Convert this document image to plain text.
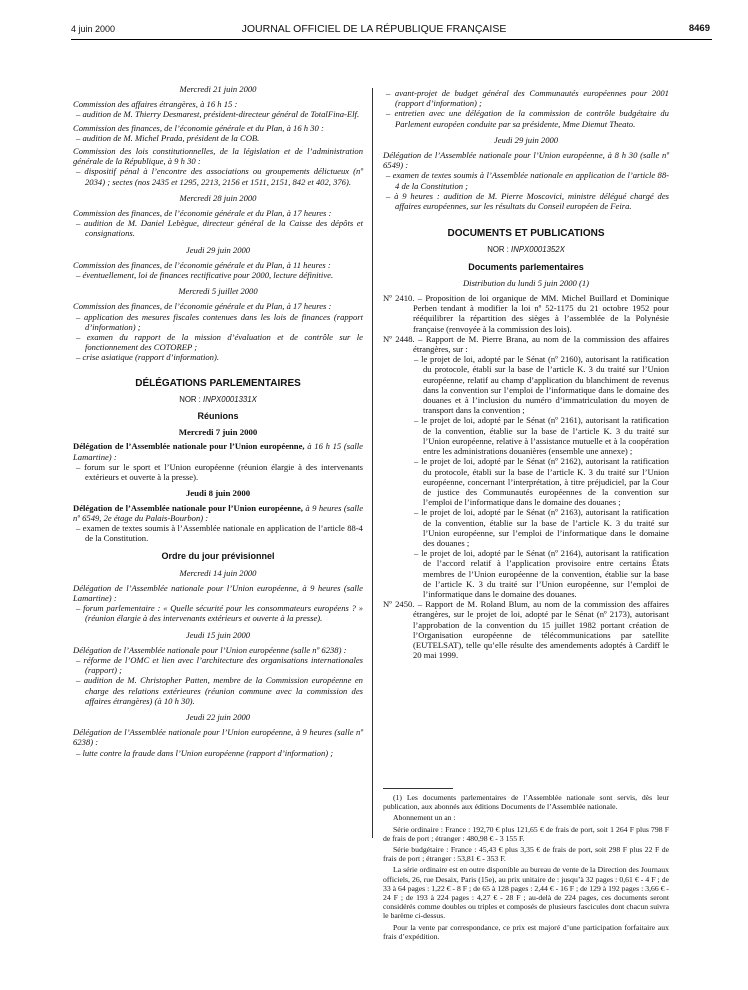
4 juin 2000	JOURNAL OFFICIEL DE LA RÉPUBLIQUE FRANÇAISE	8469
Mercredi 21 juin 2000

Commission des affaires étrangères, à 16 h 15 :

– audition de M. Thierry Desmarest, président-directeur général de TotalFina-Elf.

Commission des finances, de l’économie générale et du Plan, à 16 h 30 :

– audition de M. Michel Prada, président de la COB.

Commission des lois constitutionnelles, de la législation et de l’administration générale de la République, à 9 h 30 :

– dispositif pénal à l’encontre des associations ou groupements délictueux (nº 2034) ; sectes (nos 2435 et 1295, 2213, 2156 et 1511, 2151, 842 et 402, 376).
Mercredi 28 juin 2000

Commission des finances, de l’économie générale et du Plan, à 17 heures :

– audition de M. Daniel Lebègue, directeur général de la Caisse des dépôts et consignations.
Jeudi 29 juin 2000

Commission des finances, de l’économie générale et du Plan, à 11 heures :

– éventuellement, loi de finances rectificative pour 2000, lecture définitive.
Mercredi 5 juillet 2000

Commission des finances, de l’économie générale et du Plan, à 17 heures :

– application des mesures fiscales contenues dans les lois de finances (rapport d’information) ;
– examen du rapport de la mission d’évaluation et de contrôle sur le fonctionnement des COTOREP ;
– crise asiatique (rapport d’information).
DÉLÉGATIONS PARLEMENTAIRES
NOR : INPX0001331X
Réunions
Mercredi 7 juin 2000

Délégation de l’Assemblée nationale pour l’Union européenne, à 16 h 15 (salle Lamartine) :

– forum sur le sport et l’Union européenne (réunion élargie à des intervenants extérieurs et ouverte à la presse).
Jeudi 8 juin 2000

Délégation de l’Assemblée nationale pour l’Union européenne, à 9 heures (salle nº 6549, 2e étage du Palais-Bourbon) :

– examen de textes soumis à l’Assemblée nationale en application de l’article 88-4 de la Constitution.
Ordre du jour prévisionnel
Mercredi 14 juin 2000

Délégation de l’Assemblée nationale pour l’Union européenne, à 9 heures (salle Lamartine) :

– forum parlementaire : « Quelle sécurité pour les consommateurs européens ? » (réunion élargie à des intervenants extérieurs et ouverte à la presse).
Jeudi 15 juin 2000

Délégation de l’Assemblée nationale pour l’Union européenne (salle nº 6238) :

– réforme de l’OMC et lien avec l’architecture des organisations internationales (rapport) ;
– audition de M. Christopher Patten, membre de la Commission européenne en charge des relations extérieures (réunion commune avec la commission des affaires étrangères) (à 10 h 30).
Jeudi 22 juin 2000

Délégation de l’Assemblée nationale pour l’Union européenne, à 9 heures (salle nº 6238) :

– lutte contre la fraude dans l’Union européenne (rapport d’information) ;
– avant-projet de budget général des Communautés européennes pour 2001 (rapport d’information) ;
– entretien avec une délégation de la commission de contrôle budgétaire du Parlement européen conduite par sa présidente, Mme Diemut Theato.
Jeudi 29 juin 2000

Délégation de l’Assemblée nationale pour l’Union européenne, à 8 h 30 (salle nº 6549) :

– examen de textes soumis à l’Assemblée nationale en application de l’article 88-4 de la Constitution ;
– à 9 heures : audition de M. Pierre Moscovici, ministre délégué chargé des affaires européennes, sur les résultats du Conseil européen de Feira.
DOCUMENTS ET PUBLICATIONS
NOR : INPX0001352X
Documents parlementaires
Distribution du lundi 5 juin 2000 (1)

Nº 2410. – Proposition de loi organique de MM. Michel Buillard et Dominique Perben tendant à modifier la loi nº 52-1175 du 21 octobre 1952 pour rééquilibrer la répartition des sièges à l’assemblée de la Polynésie française (renvoyée à la commission des lois).

Nº 2448. – Rapport de M. Pierre Brana, au nom de la commission des affaires étrangères, sur :

– le projet de loi, adopté par le Sénat (nº 2160), autorisant la ratification du protocole, établi sur la base de l’article K. 3 du traité sur l’Union européenne, relatif au champ d’application du blanchiment de revenus dans la convention sur l’emploi de l’informatique dans le domaine des douanes et à l’inclusion du numéro d’immatriculation du moyen de transport dans la convention ;
– le projet de loi, adopté par le Sénat (nº 2161), autorisant la ratification de la convention, établie sur la base de l’article K. 3 du traité sur l’Union européenne, relative à l’assistance mutuelle et à la coopération entre les administrations douanières (ensemble une annexe) ;
– le projet de loi, adopté par le Sénat (nº 2162), autorisant la ratification du protocole, établi sur la base de l’article K. 3 du traité sur l’Union européenne, concernant l’interprétation, à titre préjudiciel, par la Cour de justice des Communautés européennes de la convention sur l’emploi de l’informatique dans le domaine des douanes ;
– le projet de loi, adopté par le Sénat (nº 2163), autorisant la ratification de la convention, établie sur la base de l’article K. 3 du traité sur l’Union européenne, sur l’emploi de l’informatique dans le domaine des douanes ;
– le projet de loi, adopté par le Sénat (nº 2164), autorisant la ratification de l’accord relatif à l’application provisoire entre certains États membres de l’Union européenne de la convention, établie sur la base de l’article K. 3 du traité sur l’Union européenne, sur l’emploi de l’informatique dans le domaine des douanes.

Nº 2450. – Rapport de M. Roland Blum, au nom de la commission des affaires étrangères, sur le projet de loi, adopté par le Sénat (nº 2173), autorisant l’approbation de la convention du 15 juillet 1982 portant création de l’Organisation européenne de télécommunications par satellite (EUTELSAT), telle qu’elle résulte des amendements adoptés à Cardiff le 20 mai 1999.

(1) Les documents parlementaires de l’Assemblée nationale sont servis, dès leur publication, aux abonnés aux éditions Documents de l’Assemblée nationale.

Abonnement un an :

Série ordinaire : France : 192,70 € plus 121,65 € de frais de port, soit 1 264 F plus 798 F de frais de port ; étranger : 480,98 € - 3 155 F.

Série budgétaire : France : 45,43 € plus 3,35 € de frais de port, soit 298 F plus 22 F de frais de port ; étranger : 53,81 € - 353 F.

La série ordinaire est en outre disponible au bureau de vente de la Direction des Journaux officiels, 26, rue Desaix, Paris (15e), au prix unitaire de : jusqu’à 32 pages : 0,61 € - 4 F ; de 33 à 64 pages : 1,22 € - 8 F ; de 65 à 128 pages : 2,44 € - 16 F ; de 129 à 192 pages : 3,66 € - 24 F ; de 193 à 224 pages : 4,27 € - 28 F ; au-delà de 224 pages, ces documents seront considérés comme doubles ou triples et composés de plusieurs fascicules dont chacun suivra le barème ci-dessus.

Pour la vente par correspondance, ce prix est majoré d’une participation forfaitaire aux frais d’expédition.
